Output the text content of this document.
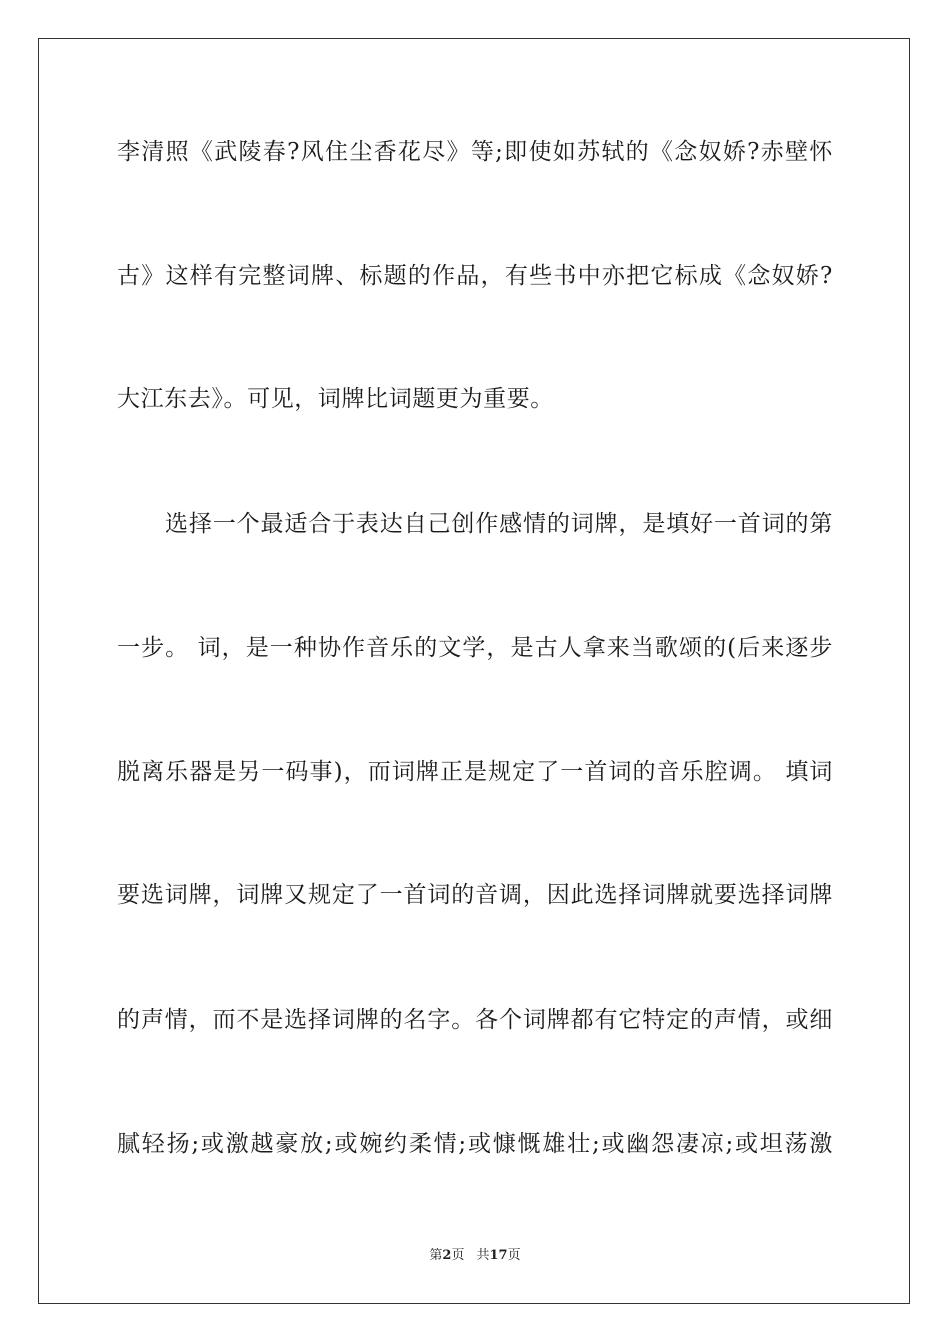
李清照《武陵春?风住尘香花尽》等;即使如苏轼的《念奴娇?赤壁怀
古》这样有完整词牌、标题的作品，有些书中亦把它标成《念奴娇?
大江东去》。可见，词牌比词题更为重要。
选择一个最适合于表达自己创作感情的词牌，是填好一首词的第
一步。 词，是一种协作音乐的文学，是古人拿来当歌颂的(后来逐步
脱离乐器是另一码事)，而词牌正是规定了一首词的音乐腔调。 填词
要选词牌，词牌又规定了一首词的音调，因此选择词牌就要选择词牌
的声情，而不是选择词牌的名字。各个词牌都有它特定的声情，或细
腻轻扬;或激越豪放;或婉约柔情;或慷慨雄壮;或幽怨凄凉;或坦荡激
第2页 共17页
